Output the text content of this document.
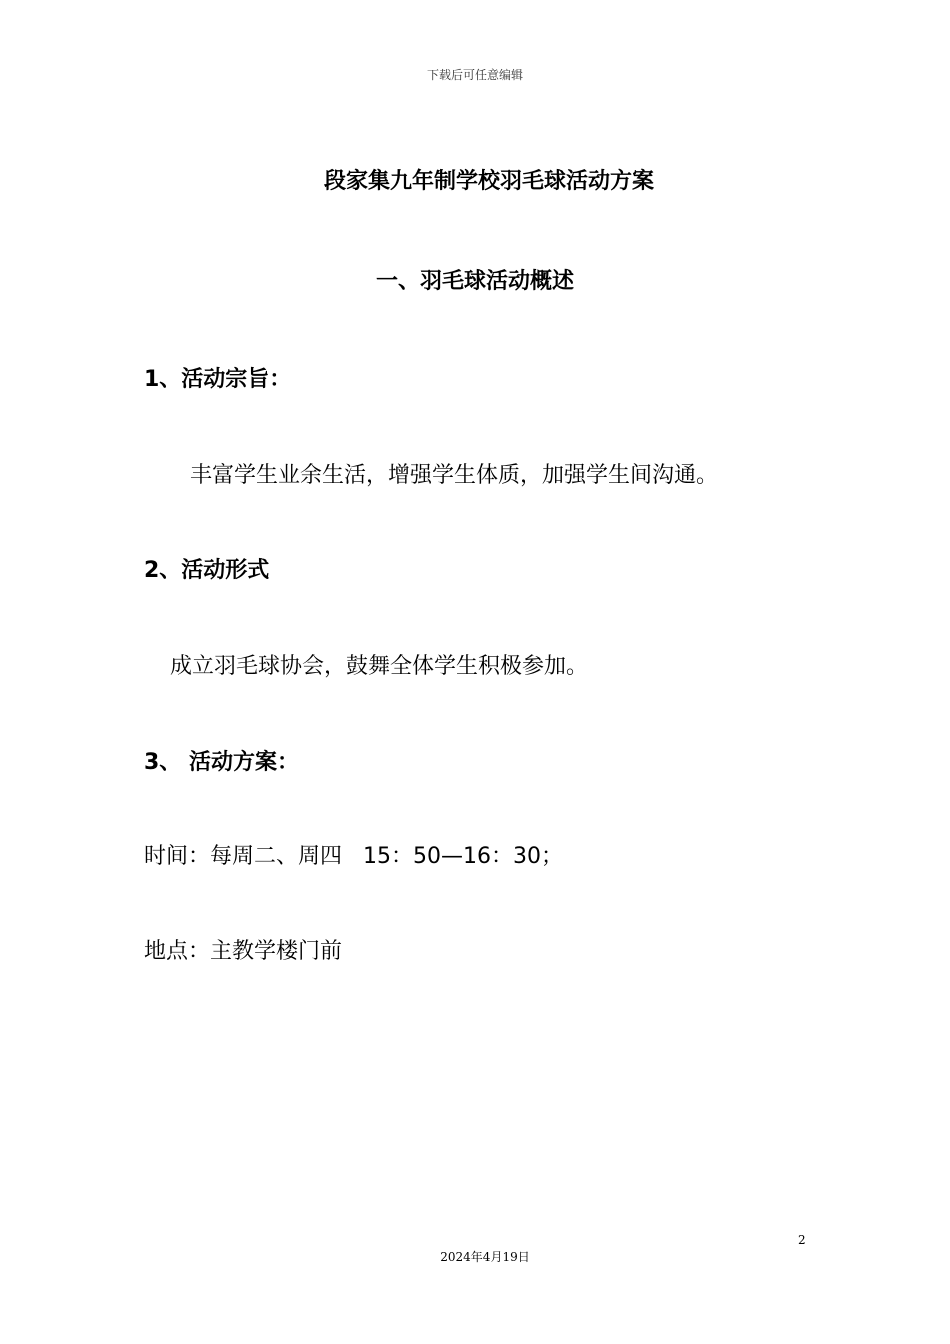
下载后可任意编辑
段家集九年制学校羽毛球活动方案
一、羽毛球活动概述
1、活动宗旨：
丰富学生业余生活，增强学生体质，加强学生间沟通。
2、活动形式
成立羽毛球协会，鼓舞全体学生积极参加。
3、 活动方案：
时间：每周二、周四   15：50—16：30；
地点：主教学楼门前
2
2024年4月19日
